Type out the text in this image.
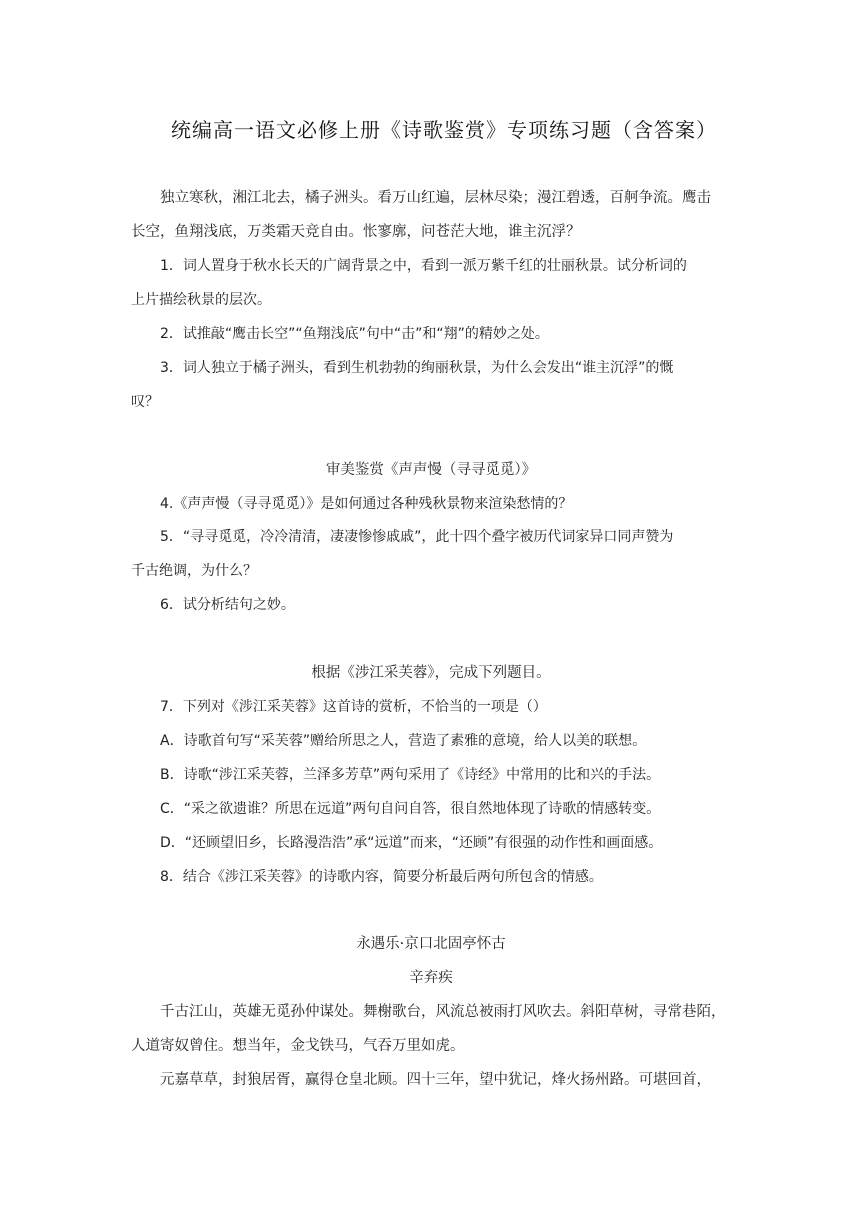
统编高一语文必修上册《诗歌鉴赏》专项练习题（含答案）
独立寒秋，湘江北去，橘子洲头。看万山红遍，层林尽染；漫江碧透，百舸争流。鹰击
长空，鱼翔浅底，万类霜天竞自由。怅寥廓，问苍茫大地，谁主沉浮？
1．词人置身于秋水长天的广阔背景之中，看到一派万紫千红的壮丽秋景。试分析词的
上片描绘秋景的层次。
2．试推敲“鹰击长空”“鱼翔浅底”句中“击”和“翔”的精妙之处。
3．词人独立于橘子洲头，看到生机勃勃的绚丽秋景，为什么会发出“谁主沉浮”的慨
叹？
审美鉴赏《声声慢（寻寻觅觅）》
4.《声声慢（寻寻觅觅）》是如何通过各种残秋景物来渲染愁情的？
5．“寻寻觅觅，冷冷清清，凄凄惨惨戚戚”，此十四个叠字被历代词家异口同声赞为
千古绝调，为什么？
6．试分析结句之妙。
根据《涉江采芙蓉》，完成下列题目。
7．下列对《涉江采芙蓉》这首诗的赏析，不恰当的一项是（）
A．诗歌首句写“采芙蓉”赠给所思之人，营造了素雅的意境，给人以美的联想。
B．诗歌“涉江采芙蓉，兰泽多芳草”两句采用了《诗经》中常用的比和兴的手法。
C．“采之欲遗谁？所思在远道”两句自问自答，很自然地体现了诗歌的情感转变。
D．“还顾望旧乡，长路漫浩浩”承“远道”而来，“还顾”有很强的动作性和画面感。
8．结合《涉江采芙蓉》的诗歌内容，简要分析最后两句所包含的情感。
永遇乐·京口北固亭怀古
辛弃疾
千古江山，英雄无觅孙仲谋处。舞榭歌台，风流总被雨打风吹去。斜阳草树，寻常巷陌，
人道寄奴曾住。想当年，金戈铁马，气吞万里如虎。
元嘉草草，封狼居胥，赢得仓皇北顾。四十三年，望中犹记，烽火扬州路。可堪回首，
